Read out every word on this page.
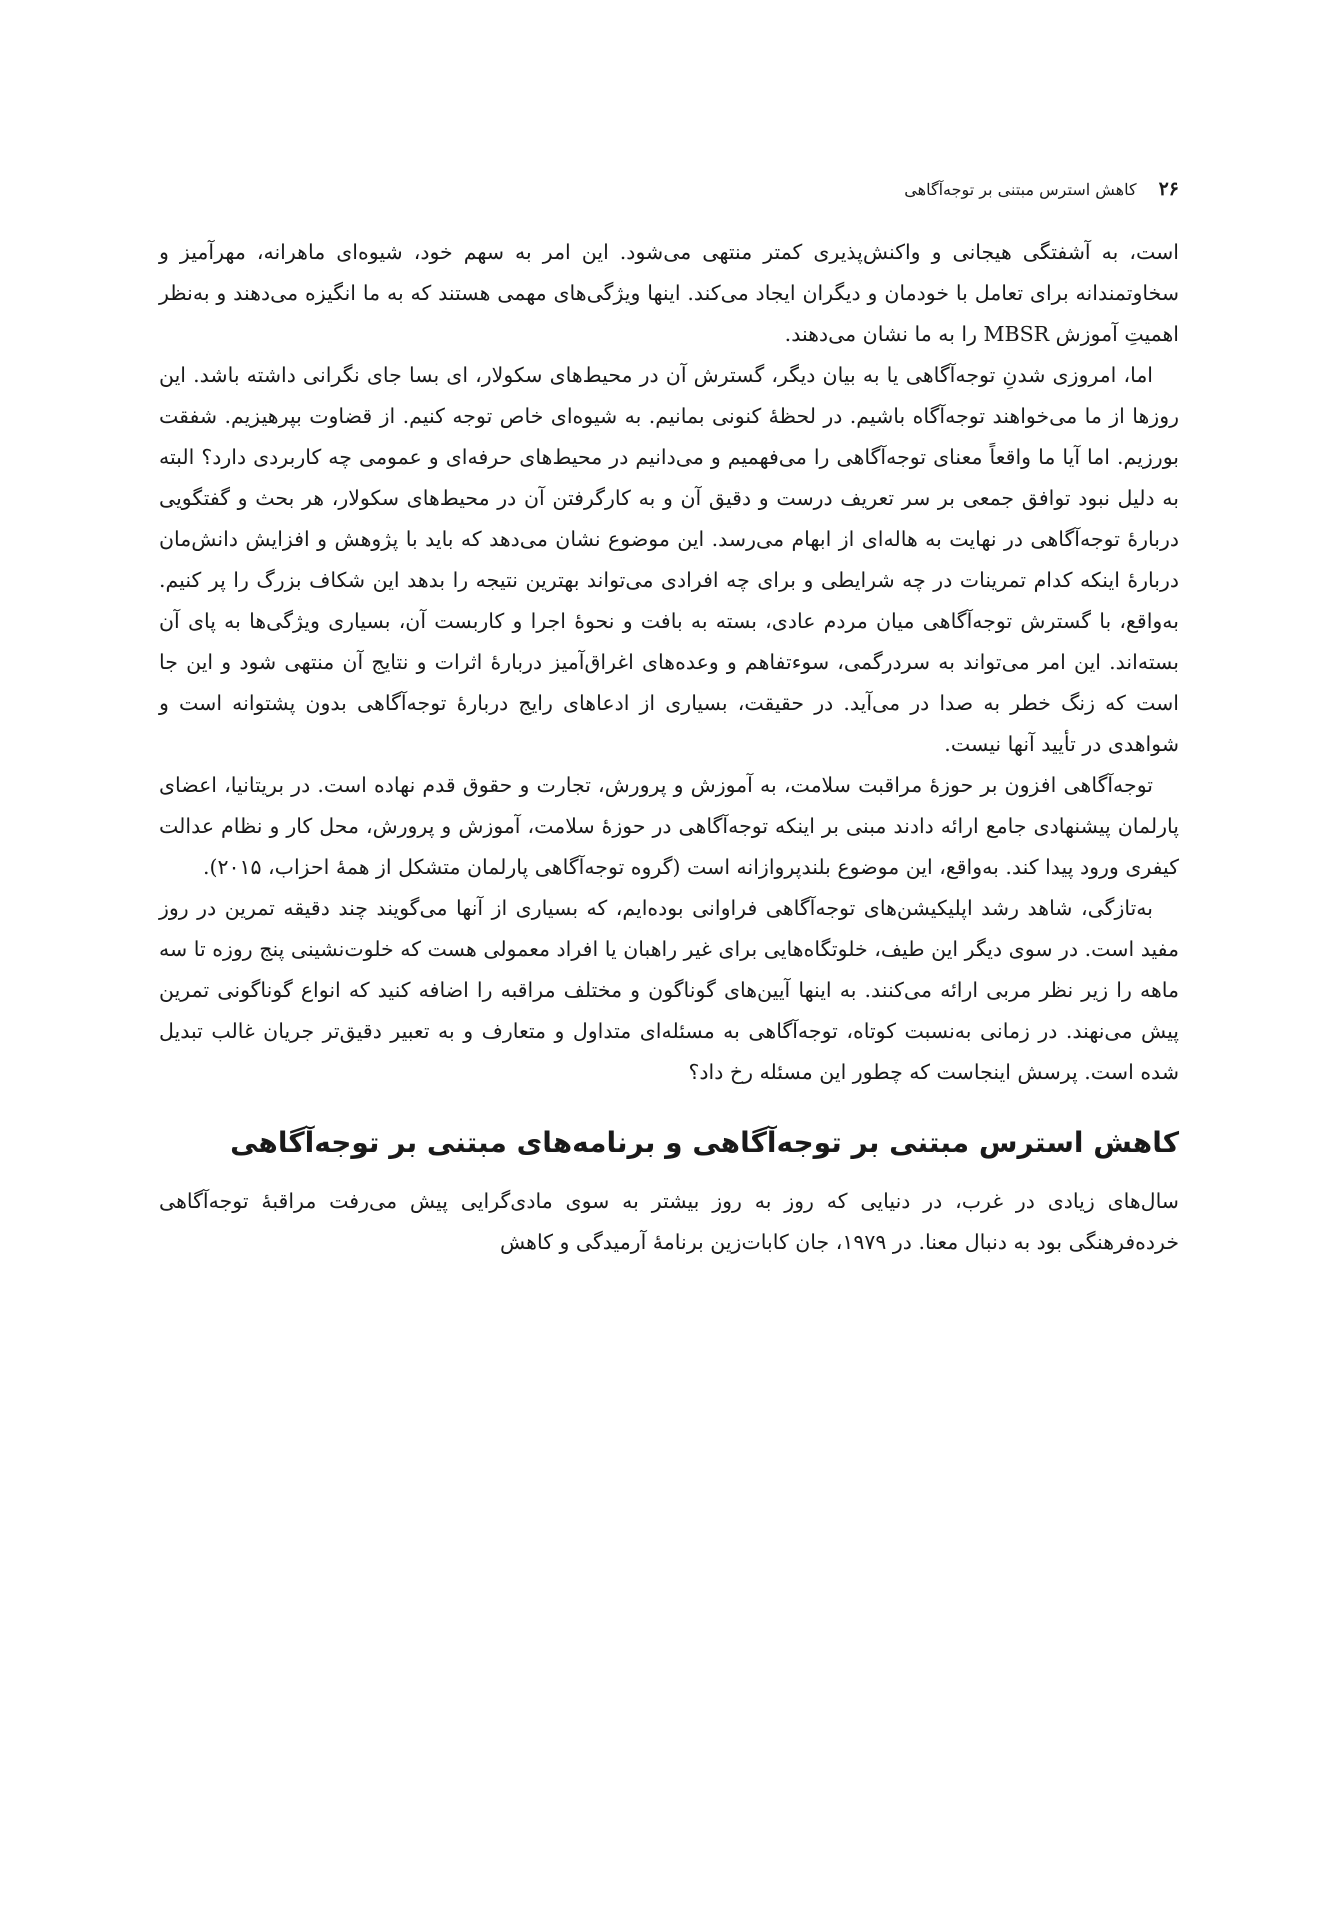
۲۶
کاهش استرس مبتنی بر توجه‌آگاهی

است، به آشفتگی هیجانی و واکنش‌پذیری کمتر منتهی می‌شود. این امر به سهم خود، شیوه‌ای ماهرانه، مهرآمیز و سخاوتمندانه برای تعامل با خودمان و دیگران ایجاد می‌کند. اینها ویژگی‌های مهمی هستند که به ما انگیزه می‌دهند و به‌نظر اهمیتِ آموزش MBSR را به ما نشان می‌دهند.

اما، امروزی شدنِ توجه‌آگاهی یا به بیان دیگر، گسترش آن در محیط‌های سکولار، ای بسا جای نگرانی داشته باشد. این روزها از ما می‌خواهند توجه‌آگاه باشیم. در لحظهٔ کنونی بمانیم. به شیوه‌ای خاص توجه کنیم. از قضاوت بپرهیزیم. شفقت بورزیم. اما آیا ما واقعاً معنای توجه‌آگاهی را می‌فهمیم و می‌دانیم در محیط‌های حرفه‌ای و عمومی چه کاربردی دارد؟ البته به دلیل نبود توافق جمعی بر سر تعریف درست و دقیق آن و به کارگرفتن آن در محیط‌های سکولار، هر بحث و گفتگویی دربارهٔ توجه‌آگاهی در نهایت به هاله‌ای از ابهام می‌رسد. این موضوع نشان می‌دهد که باید با پژوهش و افزایش دانش‌مان دربارهٔ اینکه کدام تمرینات در چه شرایطی و برای چه افرادی می‌تواند بهترین نتیجه را بدهد این شکاف بزرگ را پر کنیم. به‌واقع، با گسترش توجه‌آگاهی میان مردم عادی، بسته به بافت و نحوهٔ اجرا و کاربست آن، بسیاری ویژگی‌ها به پای آن بسته‌اند. این امر می‌تواند به سردرگمی، سوءتفاهم و وعده‌های اغراق‌آمیز دربارهٔ اثرات و نتایج آن منتهی شود و این جا است که زنگ خطر به صدا در می‌آید. در حقیقت، بسیاری از ادعاهای رایج دربارهٔ توجه‌آگاهی بدون پشتوانه است و شواهدی در تأیید آنها نیست.

توجه‌آگاهی افزون بر حوزهٔ مراقبت سلامت، به آموزش و پرورش، تجارت و حقوق قدم نهاده است. در بریتانیا، اعضای پارلمان پیشنهادی جامع ارائه دادند مبنی بر اینکه توجه‌آگاهی در حوزهٔ سلامت، آموزش و پرورش، محل کار و نظام عدالت کیفری ورود پیدا کند. به‌واقع، این موضوع بلندپروازانه است (گروه توجه‌آگاهی پارلمان متشکل از همهٔ احزاب، ۲۰۱۵).

به‌تازگی، شاهد رشد اپلیکیشن‌های توجه‌آگاهی فراوانی بوده‌ایم، که بسیاری از آنها می‌گویند چند دقیقه تمرین در روز مفید است. در سوی دیگر این طیف، خلوتگاه‌هایی برای غیر راهبان یا افراد معمولی هست که خلوت‌نشینی پنج روزه تا سه ماهه را زیر نظر مربی ارائه می‌کنند. به اینها آیین‌های گوناگون و مختلف مراقبه را اضافه کنید که انواع گوناگونی تمرین پیش می‌نهند. در زمانی به‌نسبت کوتاه، توجه‌آگاهی به مسئله‌ای متداول و متعارف و به تعبیر دقیق‌تر جریان غالب تبدیل شده است. پرسش اینجاست که چطور این مسئله رخ داد؟

کاهش استرس مبتنی بر توجه‌آگاهی و برنامه‌های مبتنی بر توجه‌آگاهی

سال‌های زیادی در غرب، در دنیایی که روز به روز بیشتر به سوی مادی‌گرایی پیش می‌رفت مراقبهٔ توجه‌آگاهی خرده‌فرهنگی بود به دنبال معنا. در ۱۹۷۹، جان کابات‌زین برنامهٔ آرمیدگی و کاهش
